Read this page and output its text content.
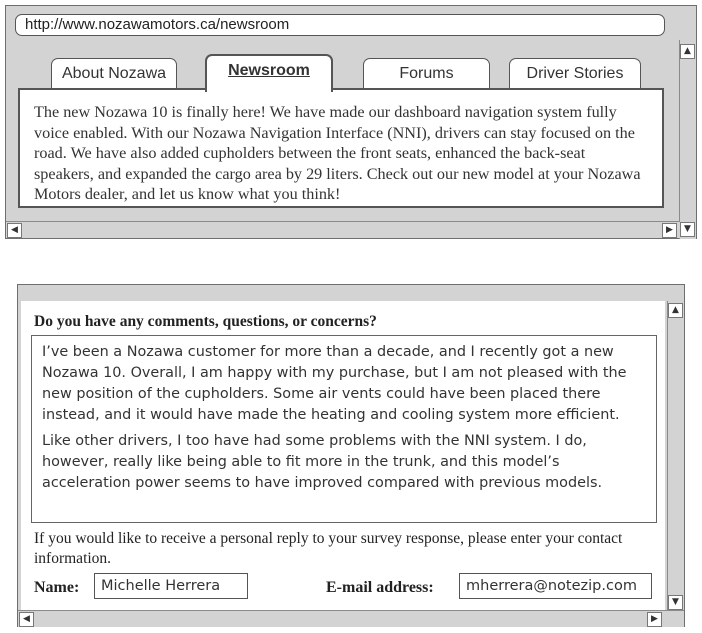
http://www.nozawamotors.ca/newsroom
About Nozawa	Newsroom	Forums	Driver Stories
The new Nozawa 10 is finally here! We have made our dashboard navigation system fully voice enabled. With our Nozawa Navigation Interface (NNI), drivers can stay focused on the road. We have also added cupholders between the front seats, enhanced the back-seat speakers, and expanded the cargo area by 29 liters. Check out our new model at your Nozawa Motors dealer, and let us know what you think!
▲
▼
◀	▶
Do you have any comments, questions, or concerns?

I’ve been a Nozawa customer for more than a decade, and I recently got a new Nozawa 10. Overall, I am happy with my purchase, but I am not pleased with the new position of the cupholders. Some air vents could have been placed there instead, and it would have made the heating and cooling system more efficient.

Like other drivers, I too have had some problems with the NNI system. I do, however, really like being able to fit more in the trunk, and this model’s acceleration power seems to have improved compared with previous models.

If you would like to receive a personal reply to your survey response, please enter your contact information.
Name:	Michelle Herrera	E-mail address:	mherrera@notezip.com
▲
▼
◀	▶
